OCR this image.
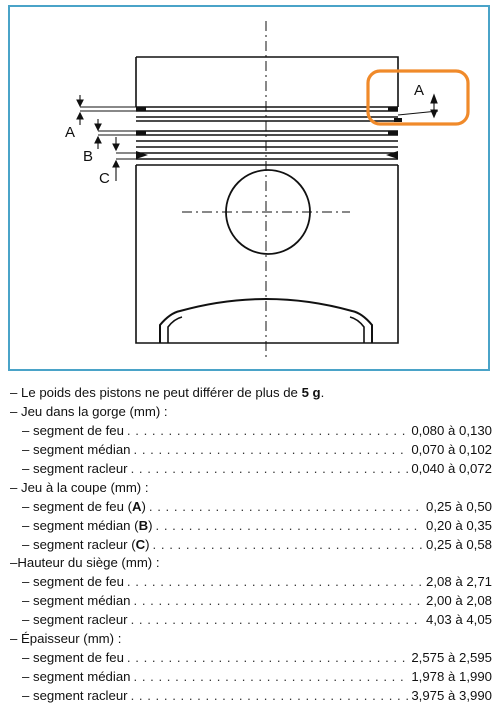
A
B
C
A
– Le poids des pistons ne peut différer de plus de 5 g.
– Jeu dans la gorge (mm) :
– segment de feu . . .	0,080 à 0,130
– segment médian . . .	0,070 à 0,102
– segment racleur . . .	0,040 à 0,072
– Jeu à la coupe (mm) :
– segment de feu (A) . . .	0,25 à 0,50
– segment médian (B) . . .	0,20 à 0,35
– segment racleur (C) . . .	0,25 à 0,58
–Hauteur du siège (mm) :
– segment de feu . . .	2,08 à 2,71
– segment médian . . .	2,00 à 2,08
– segment racleur . . .	4,03 à 4,05
– Épaisseur (mm) :
– segment de feu . . .	2,575 à 2,595
– segment médian . . .	1,978 à 1,990
– segment racleur . . .	3,975 à 3,990
